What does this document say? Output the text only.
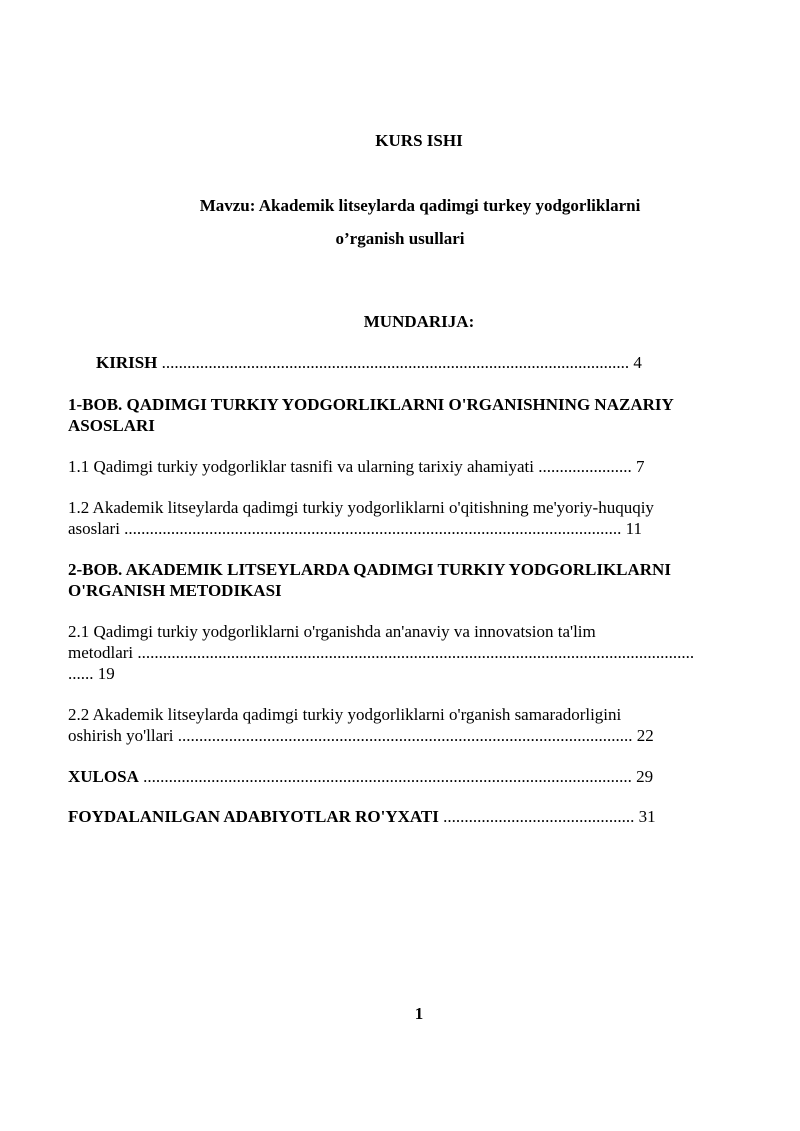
KURS ISHI
Mavzu: Akademik litseylarda qadimgi turkey yodgorliklarni
o’rganish usullari
MUNDARIJA:
KIRISH .............................................................................................................. 4
1-BOB. QADIMGI TURKIY YODGORLIKLARNI O'RGANISHNING NAZARIY
ASOSLARI
1.1 Qadimgi turkiy yodgorliklar tasnifi va ularning tarixiy ahamiyati ...................... 7
1.2 Akademik litseylarda qadimgi turkiy yodgorliklarni o'qitishning me'yoriy-huquqiy
asoslari ..................................................................................................................... 11
2-BOB. AKADEMIK LITSEYLARDA QADIMGI TURKIY YODGORLIKLARNI
O'RGANISH METODIKASI
2.1 Qadimgi turkiy yodgorliklarni o'rganishda an'anaviy va innovatsion ta'lim
metodlari ...................................................................................................................................
...... 19
2.2 Akademik litseylarda qadimgi turkiy yodgorliklarni o'rganish samaradorligini
oshirish yo'llari ........................................................................................................... 22
XULOSA ................................................................................................................... 29
FOYDALANILGAN ADABIYOTLAR RO'YXATI ............................................. 31
1
